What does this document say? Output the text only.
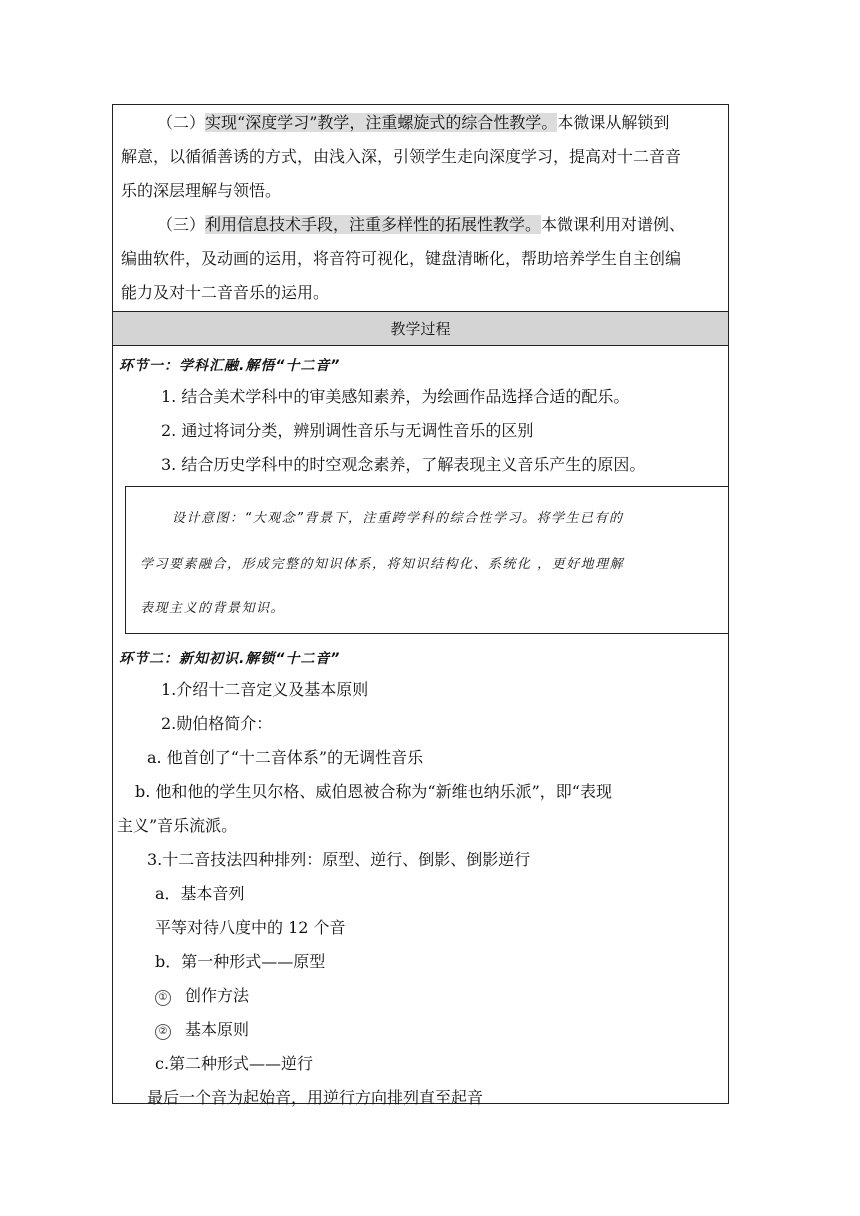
（二）实现“深度学习”教学，注重螺旋式的综合性教学。本微课从解锁到
解意，以循循善诱的方式，由浅入深，引领学生走向深度学习，提高对十二音音
乐的深层理解与领悟。
（三）利用信息技术手段，注重多样性的拓展性教学。本微课利用对谱例、
编曲软件，及动画的运用，将音符可视化，键盘清晰化，帮助培养学生自主创编
能力及对十二音音乐的运用。
教学过程
环节一：学科汇融.解悟“十二音”
1. 结合美术学科中的审美感知素养，为绘画作品选择合适的配乐。
2. 通过将词分类，辨别调性音乐与无调性音乐的区别
3. 结合历史学科中的时空观念素养，了解表现主义音乐产生的原因。
设计意图：“大观念”背景下，注重跨学科的综合性学习。将学生已有的
学习要素融合，形成完整的知识体系，将知识结构化、系统化 ，更好地理解
表现主义的背景知识。
环节二：新知初识.解锁“十二音”
1.介绍十二音定义及基本原则
2.勋伯格简介：
a. 他首创了“十二音体系”的无调性音乐
b. 他和他的学生贝尔格、威伯恩被合称为“新维也纳乐派”，即“表现
主义”音乐流派。
3.十二音技法四种排列：原型、逆行、倒影、倒影逆行
a．基本音列
平等对待八度中的 12 个音
b．第一种形式——原型
① 创作方法
② 基本原则
c.第二种形式——逆行
最后一个音为起始音，用逆行方向排列直至起音
